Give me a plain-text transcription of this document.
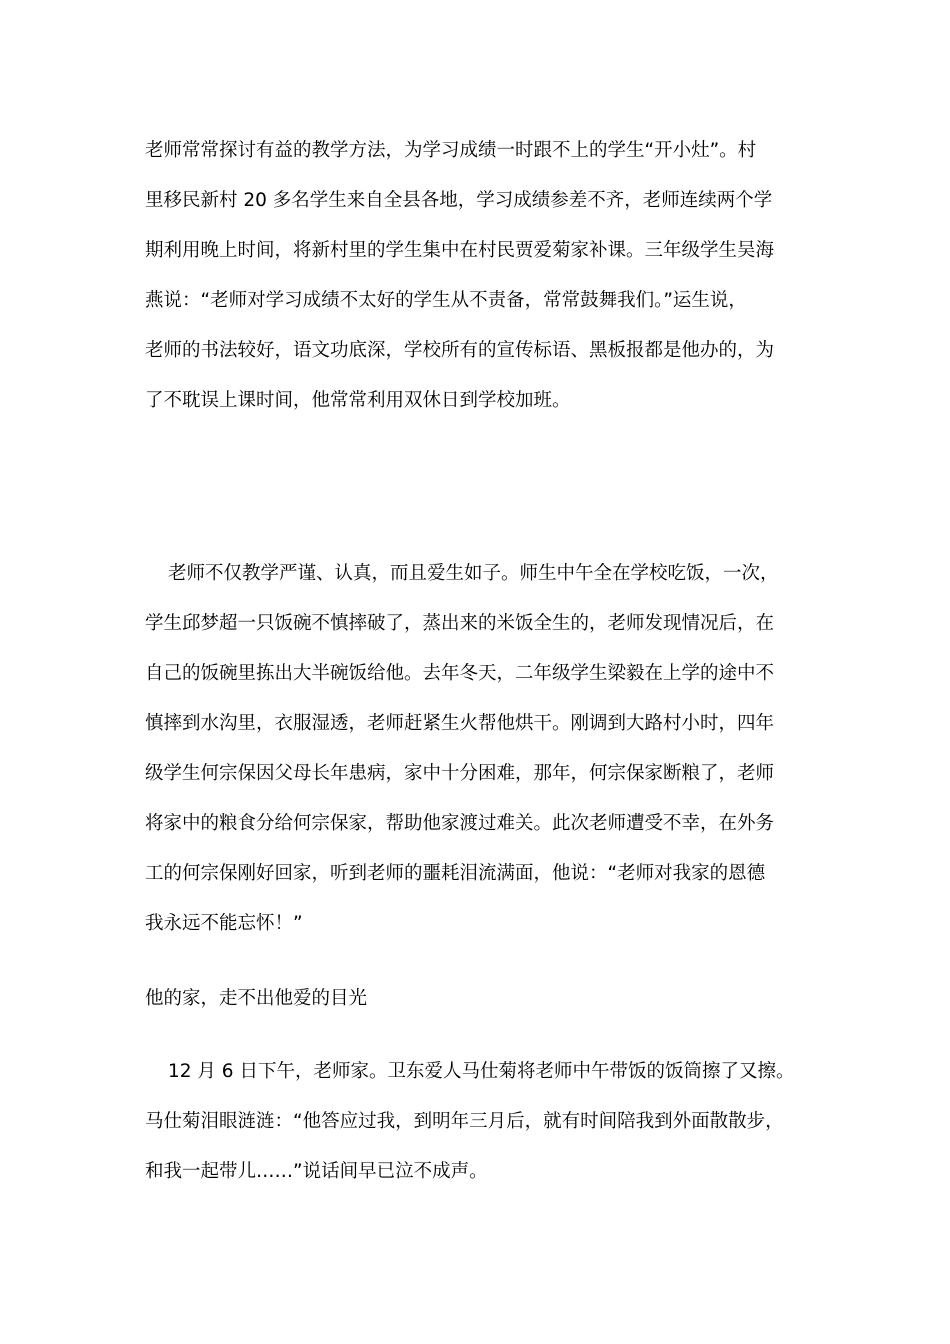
老师常常探讨有益的教学方法，为学习成绩一时跟不上的学生“开小灶”。村
里移民新村 20 多名学生来自全县各地，学习成绩参差不齐，老师连续两个学
期利用晚上时间，将新村里的学生集中在村民贾爱菊家补课。三年级学生吴海
燕说：“老师对学习成绩不太好的学生从不责备，常常鼓舞我们。”运生说，
老师的书法较好，语文功底深，学校所有的宣传标语、黑板报都是他办的，为
了不耽误上课时间，他常常利用双休日到学校加班。
老师不仅教学严谨、认真，而且爱生如子。师生中午全在学校吃饭，一次，
学生邱梦超一只饭碗不慎摔破了，蒸出来的米饭全生的，老师发现情况后，在
自己的饭碗里拣出大半碗饭给他。去年冬天，二年级学生梁毅在上学的途中不
慎摔到水沟里，衣服湿透，老师赶紧生火帮他烘干。刚调到大路村小时，四年
级学生何宗保因父母长年患病，家中十分困难，那年，何宗保家断粮了，老师
将家中的粮食分给何宗保家，帮助他家渡过难关。此次老师遭受不幸，在外务
工的何宗保刚好回家，听到老师的噩耗泪流满面，他说：“老师对我家的恩德
我永远不能忘怀！”
他的家，走不出他爱的目光
12 月 6 日下午，老师家。卫东爱人马仕菊将老师中午带饭的饭筒擦了又擦。
马仕菊泪眼涟涟：“他答应过我，到明年三月后，就有时间陪我到外面散散步，
和我一起带儿……”说话间早已泣不成声。
